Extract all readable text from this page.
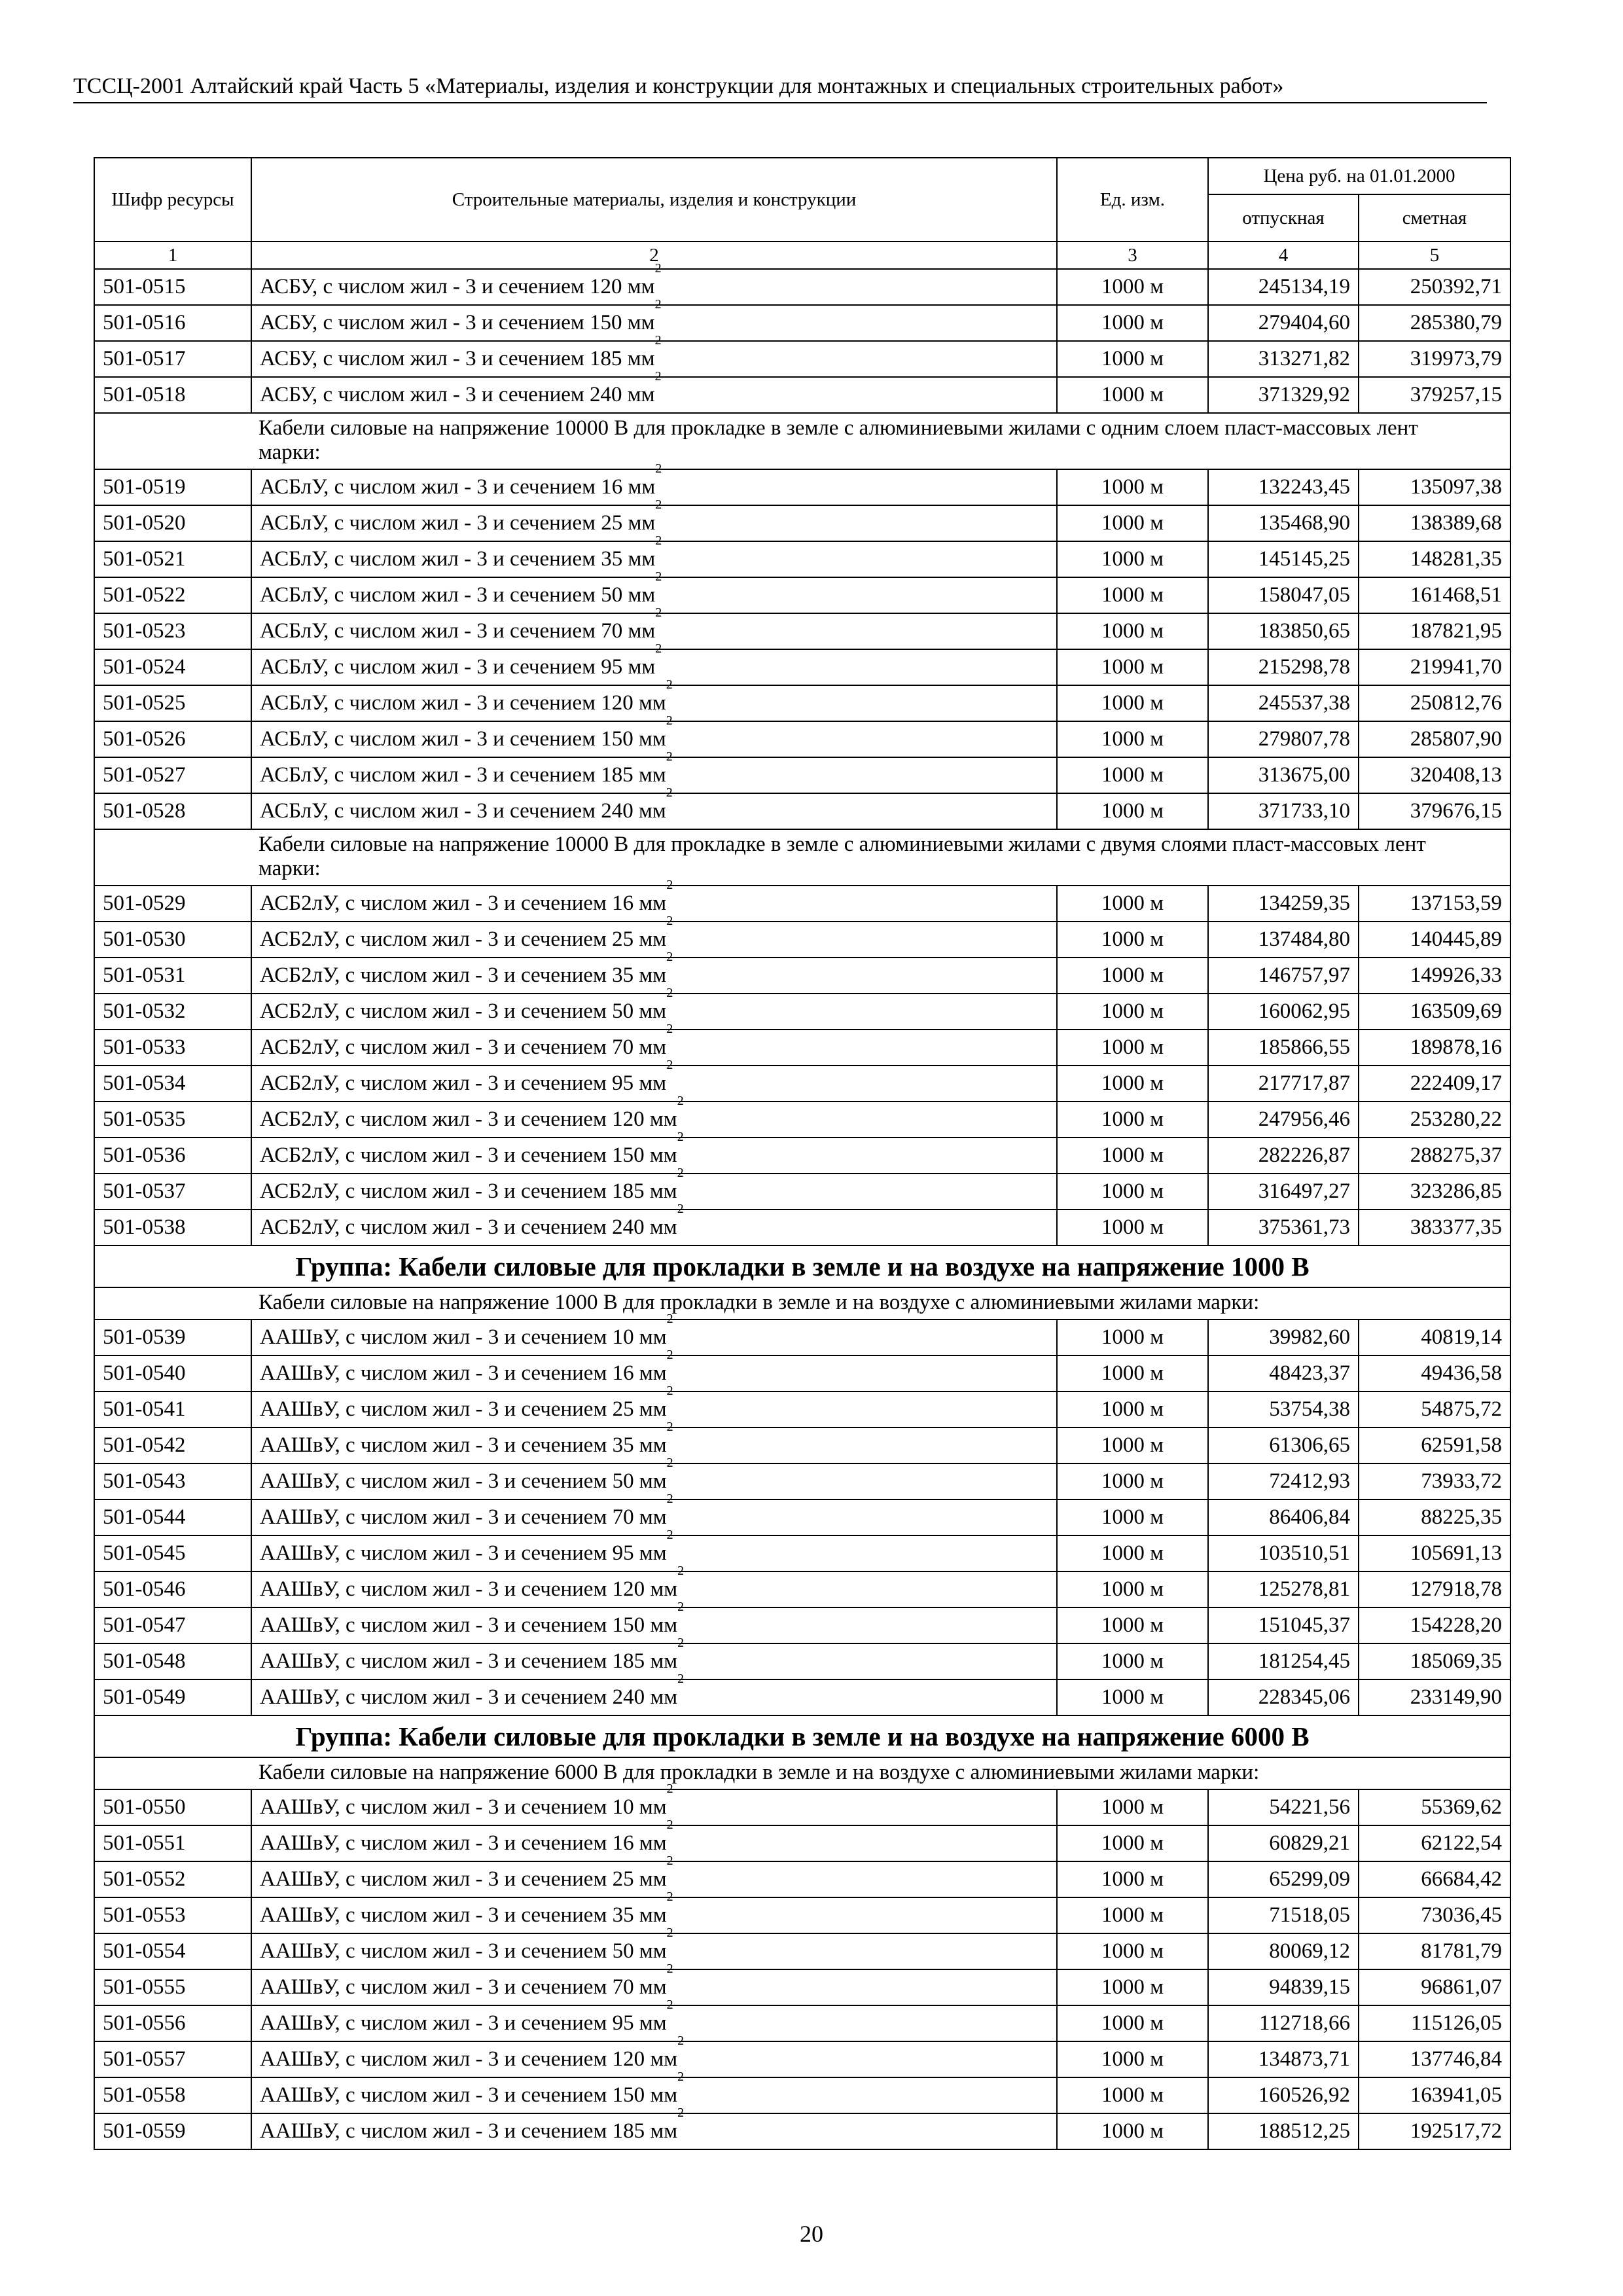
ТССЦ-2001 Алтайский край Часть 5 «Материалы, изделия и конструкции для монтажных и специальных строительных работ»
Шифр ресурсы	Строительные материалы, изделия и конструкции	Ед. изм.	Цена руб. на 01.01.2000	
			отпускная	сметная
1	2	3	4	5
501-0515	АСБУ, с числом жил - 3 и сечением 120 $мм^2$	1000 м	245134,19	250392,71
501-0516	АСБУ, с числом жил - 3 и сечением 150 $мм^2$	1000 м	279404,60	285380,79
501-0517	АСБУ, с числом жил - 3 и сечением 185 $мм^2$	1000 м	313271,82	319973,79
501-0518	АСБУ, с числом жил - 3 и сечением 240 $мм^2$	1000 м	371329,92	379257,15
Кабели силовые на напряжение 10000 В для прокладке в земле с алюминиевыми жилами с одним слоем пласт-массовых лент марки:				
501-0519	АСБлУ, с числом жил - 3 и сечением 16 $мм^2$	1000 м	132243,45	135097,38
501-0520	АСБлУ, с числом жил - 3 и сечением 25 $мм^2$	1000 м	135468,90	138389,68
501-0521	АСБлУ, с числом жил - 3 и сечением 35 $мм^2$	1000 м	145145,25	148281,35
501-0522	АСБлУ, с числом жил - 3 и сечением 50 $мм^2$	1000 м	158047,05	161468,51
501-0523	АСБлУ, с числом жил - 3 и сечением 70 $мм^2$	1000 м	183850,65	187821,95
501-0524	АСБлУ, с числом жил - 3 и сечением 95 $мм^2$	1000 м	215298,78	219941,70
501-0525	АСБлУ, с числом жил - 3 и сечением 120 $мм^2$	1000 м	245537,38	250812,76
501-0526	АСБлУ, с числом жил - 3 и сечением 150 $мм^2$	1000 м	279807,78	285807,90
501-0527	АСБлУ, с числом жил - 3 и сечением 185 $мм^2$	1000 м	313675,00	320408,13
501-0528	АСБлУ, с числом жил - 3 и сечением 240 $мм^2$	1000 м	371733,10	379676,15
Кабели силовые на напряжение 10000 В для прокладке в земле с алюминиевыми жилами с двумя слоями пласт-массовых лент марки:				
501-0529	АСБ2лУ, с числом жил - 3 и сечением 16 $мм^2$	1000 м	134259,35	137153,59
501-0530	АСБ2лУ, с числом жил - 3 и сечением 25 $мм^2$	1000 м	137484,80	140445,89
501-0531	АСБ2лУ, с числом жил - 3 и сечением 35 $мм^2$	1000 м	146757,97	149926,33
501-0532	АСБ2лУ, с числом жил - 3 и сечением 50 $мм^2$	1000 м	160062,95	163509,69
501-0533	АСБ2лУ, с числом жил - 3 и сечением 70 $мм^2$	1000 м	185866,55	189878,16
501-0534	АСБ2лУ, с числом жил - 3 и сечением 95 $мм^2$	1000 м	217717,87	222409,17
501-0535	АСБ2лУ, с числом жил - 3 и сечением 120 $мм^2$	1000 м	247956,46	253280,22
501-0536	АСБ2лУ, с числом жил - 3 и сечением 150 $мм^2$	1000 м	282226,87	288275,37
501-0537	АСБ2лУ, с числом жил - 3 и сечением 185 $мм^2$	1000 м	316497,27	323286,85
501-0538	АСБ2лУ, с числом жил - 3 и сечением 240 $мм^2$	1000 м	375361,73	383377,35
Группа: Кабели силовые для прокладки в земле и на воздухе на напряжение 1000 В				
Кабели силовые на напряжение 1000 В для прокладки в земле и на воздухе с алюминиевыми жилами марки:				
501-0539	ААШвУ, с числом жил - 3 и сечением 10 $мм^2$	1000 м	39982,60	40819,14
501-0540	ААШвУ, с числом жил - 3 и сечением 16 $мм^2$	1000 м	48423,37	49436,58
501-0541	ААШвУ, с числом жил - 3 и сечением 25 $мм^2$	1000 м	53754,38	54875,72
501-0542	ААШвУ, с числом жил - 3 и сечением 35 $мм^2$	1000 м	61306,65	62591,58
501-0543	ААШвУ, с числом жил - 3 и сечением 50 $мм^2$	1000 м	72412,93	73933,72
501-0544	ААШвУ, с числом жил - 3 и сечением 70 $мм^2$	1000 м	86406,84	88225,35
501-0545	ААШвУ, с числом жил - 3 и сечением 95 $мм^2$	1000 м	103510,51	105691,13
501-0546	ААШвУ, с числом жил - 3 и сечением 120 $мм^2$	1000 м	125278,81	127918,78
501-0547	ААШвУ, с числом жил - 3 и сечением 150 $мм^2$	1000 м	151045,37	154228,20
501-0548	ААШвУ, с числом жил - 3 и сечением 185 $мм^2$	1000 м	181254,45	185069,35
501-0549	ААШвУ, с числом жил - 3 и сечением 240 $мм^2$	1000 м	228345,06	233149,90
Группа: Кабели силовые для прокладки в земле и на воздухе на напряжение 6000 В				
Кабели силовые на напряжение 6000 В для прокладки в земле и на воздухе с алюминиевыми жилами марки:				
501-0550	ААШвУ, с числом жил - 3 и сечением 10 $мм^2$	1000 м	54221,56	55369,62
501-0551	ААШвУ, с числом жил - 3 и сечением 16 $мм^2$	1000 м	60829,21	62122,54
501-0552	ААШвУ, с числом жил - 3 и сечением 25 $мм^2$	1000 м	65299,09	66684,42
501-0553	ААШвУ, с числом жил - 3 и сечением 35 $мм^2$	1000 м	71518,05	73036,45
501-0554	ААШвУ, с числом жил - 3 и сечением 50 $мм^2$	1000 м	80069,12	81781,79
501-0555	ААШвУ, с числом жил - 3 и сечением 70 $мм^2$	1000 м	94839,15	96861,07
501-0556	ААШвУ, с числом жил - 3 и сечением 95 $мм^2$	1000 м	112718,66	115126,05
501-0557	ААШвУ, с числом жил - 3 и сечением 120 $мм^2$	1000 м	134873,71	137746,84
501-0558	ААШвУ, с числом жил - 3 и сечением 150 $мм^2$	1000 м	160526,92	163941,05
501-0559	ААШвУ, с числом жил - 3 и сечением 185 $мм^2$	1000 м	188512,25	192517,72
20
